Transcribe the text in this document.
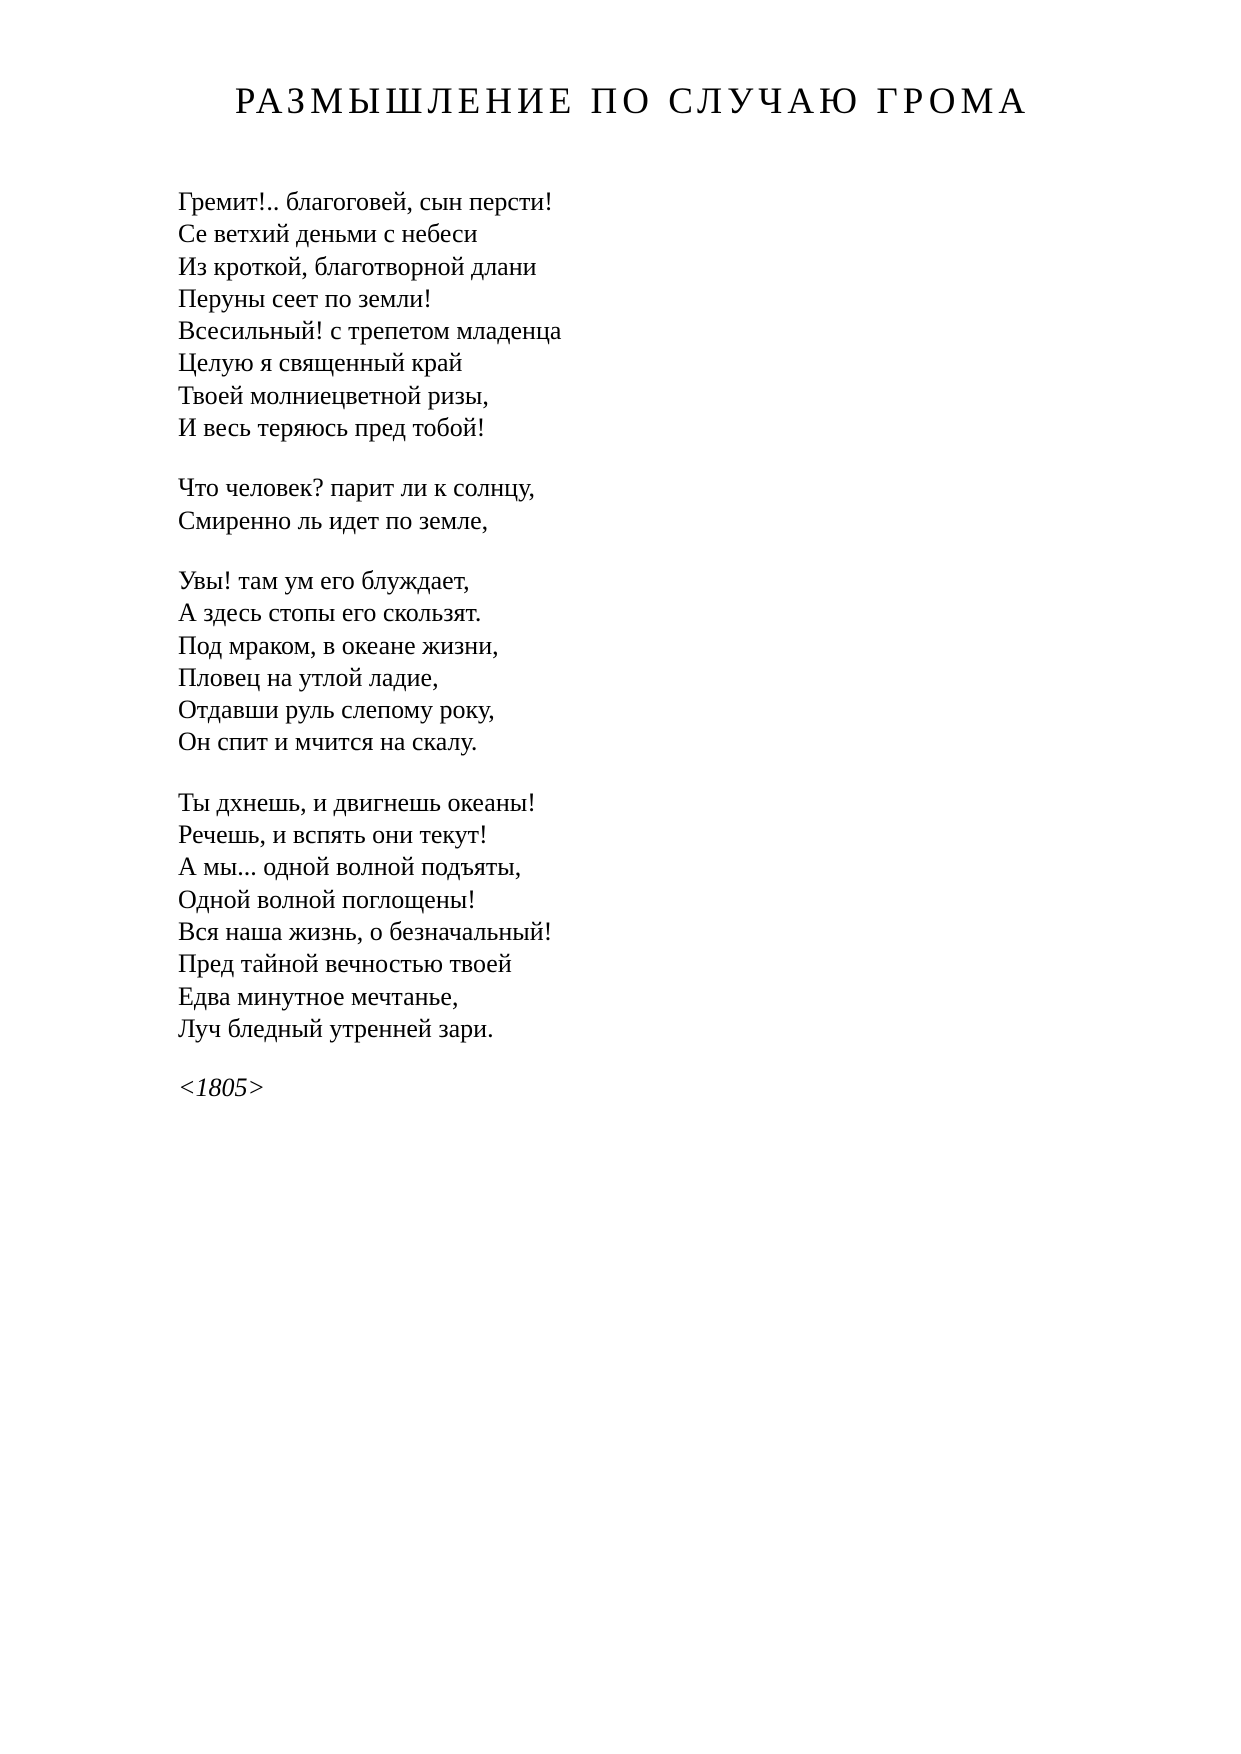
РАЗМЫШЛЕНИЕ ПО СЛУЧАЮ ГРОМА
Гремит!.. благоговей, сын персти!
Се ветхий деньми с небеси
Из кроткой, благотворной длани
Перуны сеет по земли!
Всесильный! с трепетом младенца
Целую я священный край
Твоей молниецветной ризы,
И весь теряюсь пред тобой!
Что человек? парит ли к солнцу,
Смиренно ль идет по земле,
Увы! там ум его блуждает,
А здесь стопы его скользят.
Под мраком, в океане жизни,
Пловец на утлой ладие,
Отдавши руль слепому року,
Он спит и мчится на скалу.
Ты дхнешь, и двигнешь океаны!
Речешь, и вспять они текут!
А мы... одной волной подъяты,
Одной волной поглощены!
Вся наша жизнь, о безначальный!
Пред тайной вечностью твоей
Едва минутное мечтанье,
Луч бледный утренней зари.
<1805>
